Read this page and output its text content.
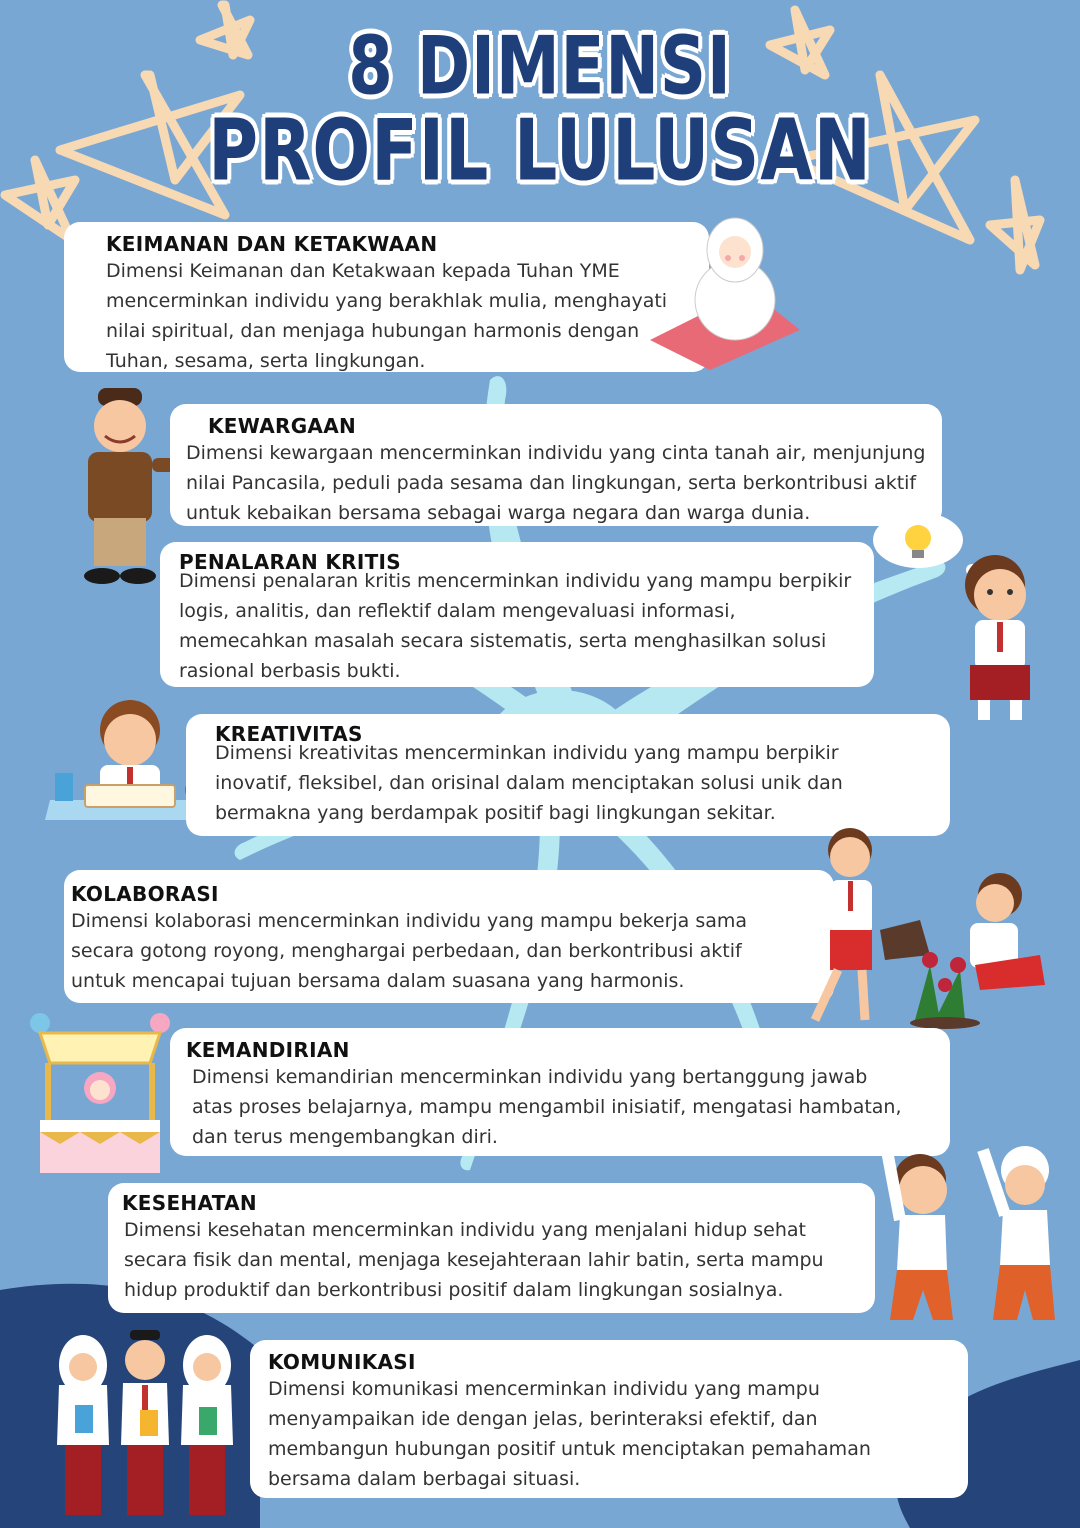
8 DIMENSI
PROFIL LULUSAN
KEIMANAN DAN KETAKWAAN

Dimensi Keimanan dan Ketakwaan kepada Tuhan YME

mencerminkan individu yang berakhlak mulia, menghayati

nilai spiritual, dan menjaga hubungan harmonis dengan

Tuhan, sesama, serta lingkungan.

KEWARGAAN

Dimensi kewargaan mencerminkan individu yang cinta tanah air, menjunjung

nilai Pancasila, peduli pada sesama dan lingkungan, serta berkontribusi aktif

untuk kebaikan bersama sebagai warga negara dan warga dunia.

PENALARAN KRITIS

Dimensi penalaran kritis mencerminkan individu yang mampu berpikir

logis, analitis, dan reflektif dalam mengevaluasi informasi,

memecahkan masalah secara sistematis, serta menghasilkan solusi

rasional berbasis bukti.

KREATIVITAS

Dimensi kreativitas mencerminkan individu yang mampu berpikir

inovatif, fleksibel, dan orisinal dalam menciptakan solusi unik dan

bermakna yang berdampak positif bagi lingkungan sekitar.

KOLABORASI

Dimensi kolaborasi mencerminkan individu yang mampu bekerja sama

secara gotong royong, menghargai perbedaan, dan berkontribusi aktif

untuk mencapai tujuan bersama dalam suasana yang harmonis.

KEMANDIRIAN

Dimensi kemandirian mencerminkan individu yang bertanggung jawab

atas proses belajarnya, mampu mengambil inisiatif, mengatasi hambatan,

dan terus mengembangkan diri.

KESEHATAN

Dimensi kesehatan mencerminkan individu yang menjalani hidup sehat

secara fisik dan mental, menjaga kesejahteraan lahir batin, serta mampu

hidup produktif dan berkontribusi positif dalam lingkungan sosialnya.

KOMUNIKASI

Dimensi komunikasi mencerminkan individu yang mampu

menyampaikan ide dengan jelas, berinteraksi efektif, dan

membangun hubungan positif untuk menciptakan pemahaman

bersama dalam berbagai situasi.
